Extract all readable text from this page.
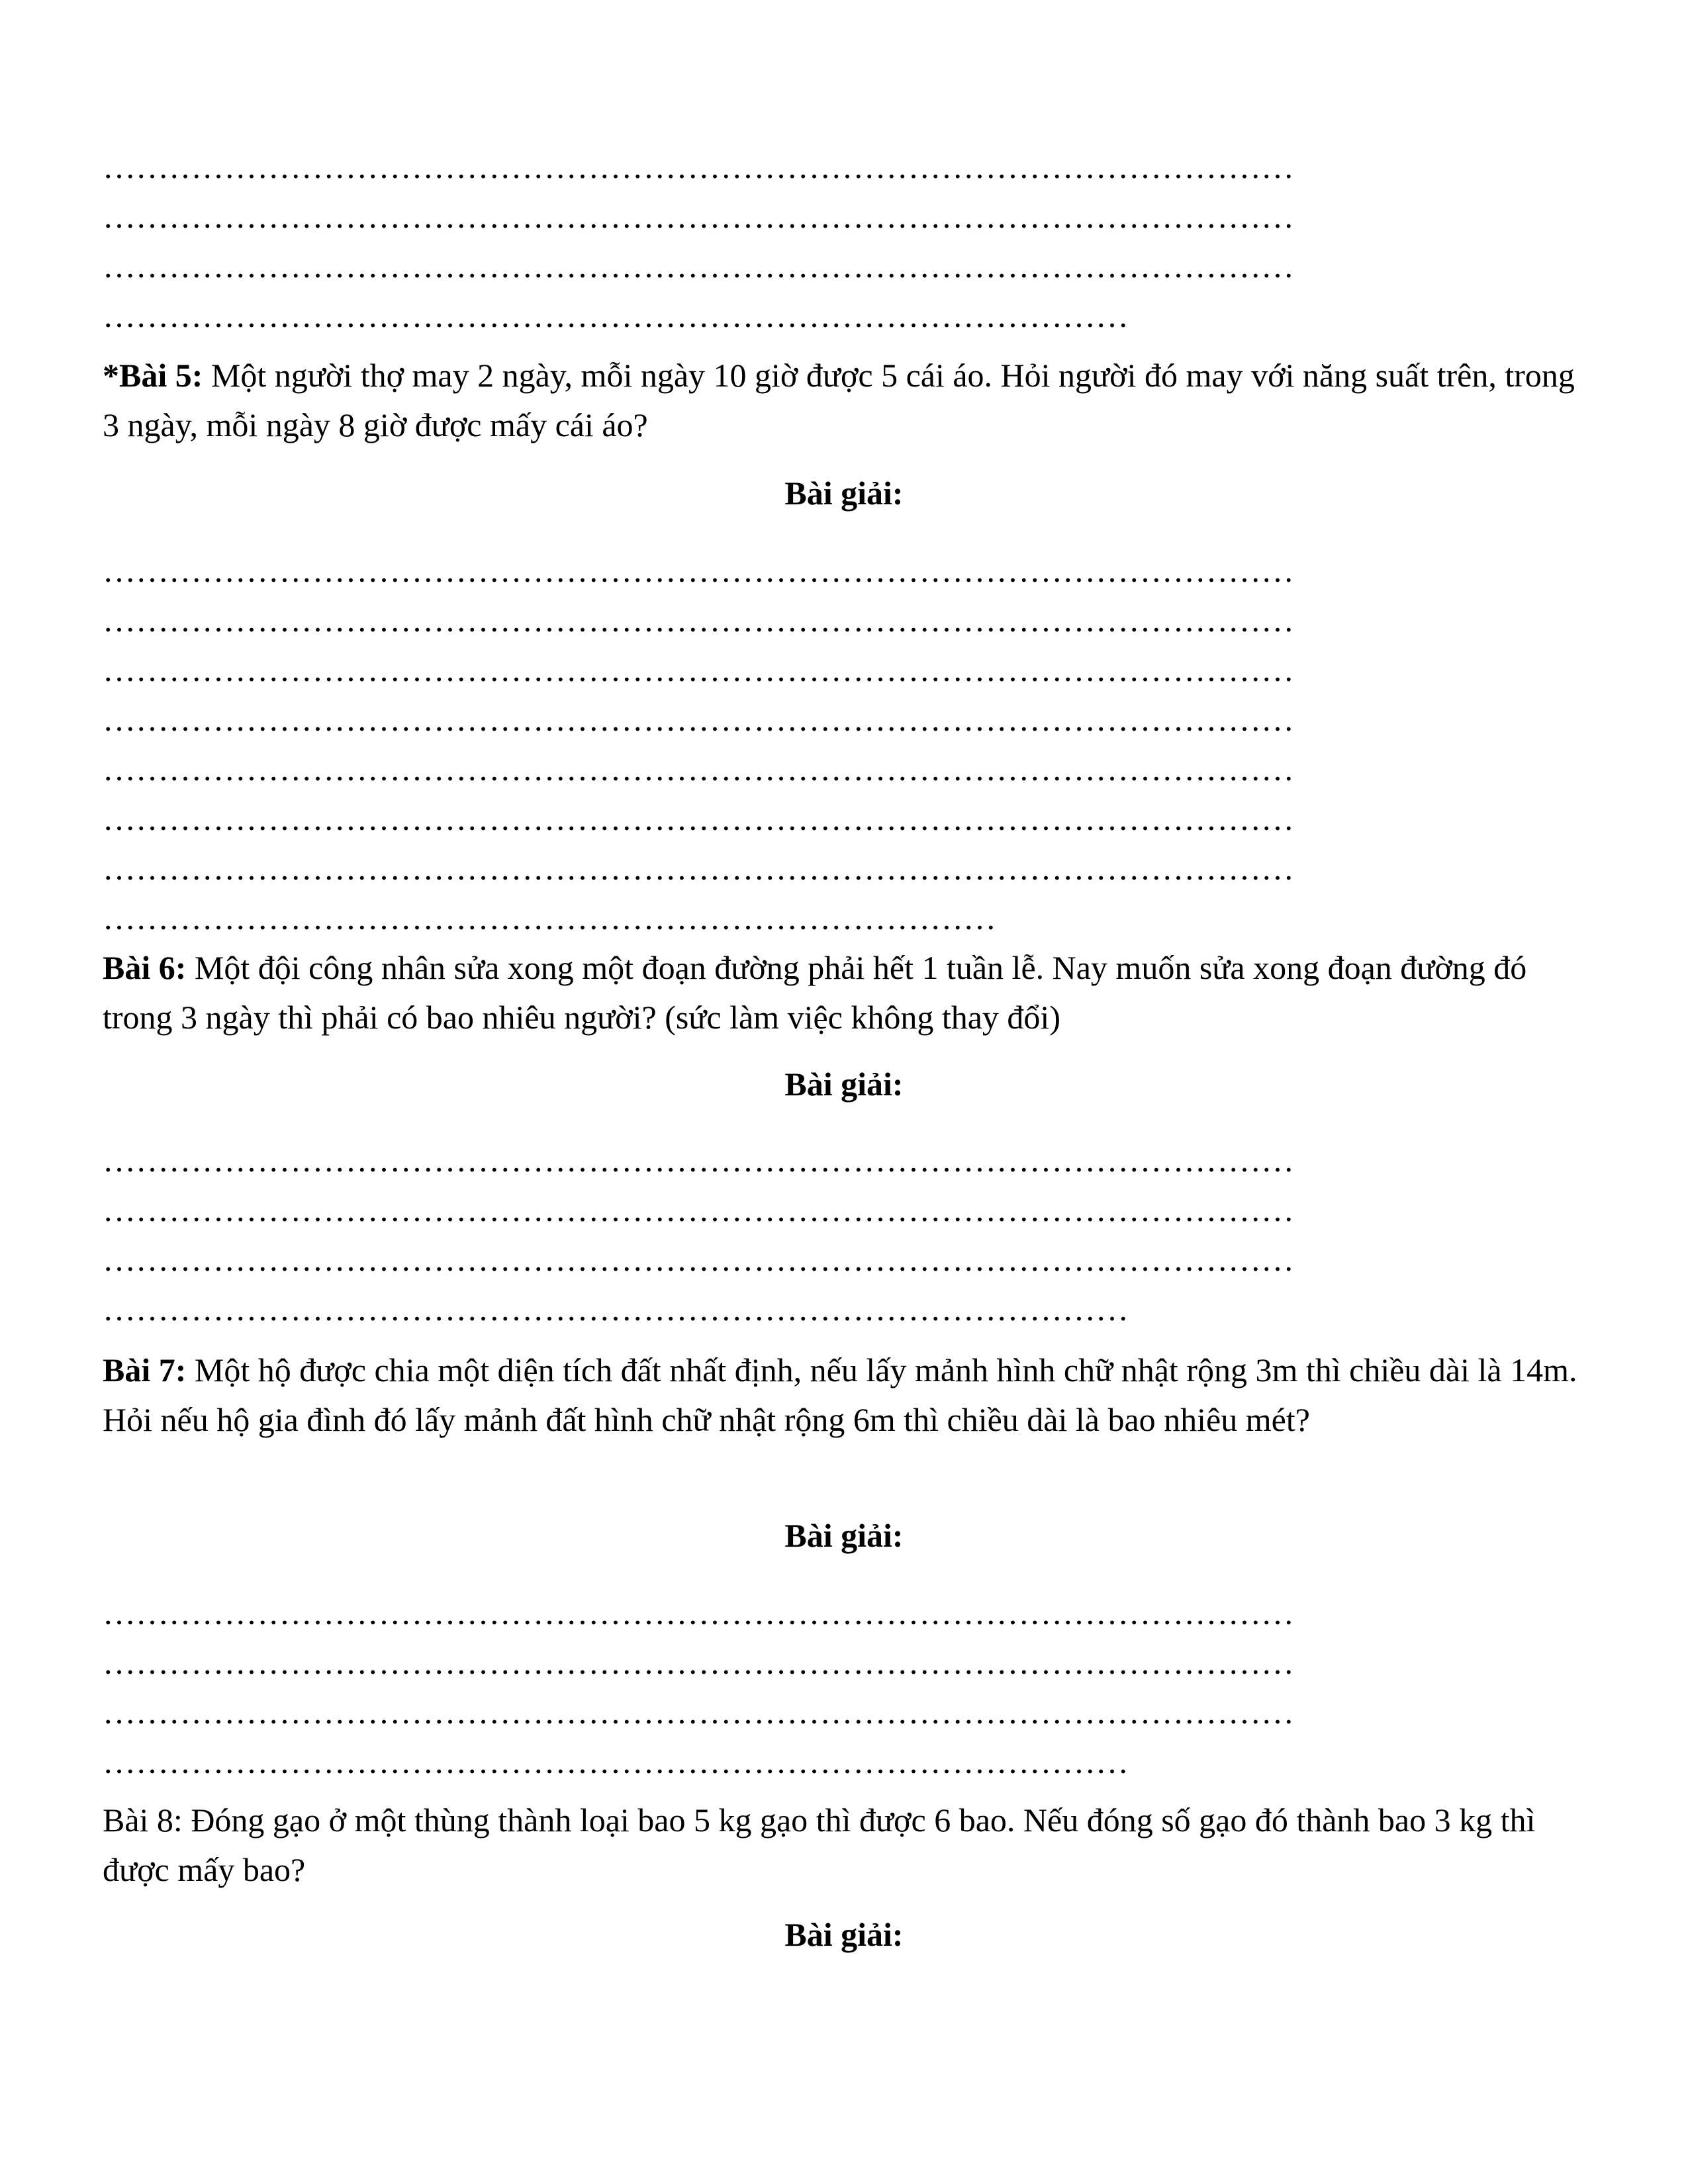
………………………………………………………………………………………………
………………………………………………………………………………………………
………………………………………………………………………………………………
…………………………………………………………………………………
*Bài 5: Một người thợ may 2 ngày, mỗi ngày 10 giờ được 5 cái áo. Hỏi người đó may với năng suất trên, trong 3 ngày, mỗi ngày 8 giờ được mấy cái áo?
Bài giải:
………………………………………………………………………………………………
………………………………………………………………………………………………
………………………………………………………………………………………………
………………………………………………………………………………………………
………………………………………………………………………………………………
………………………………………………………………………………………………
………………………………………………………………………………………………
………………………………………………………………………
Bài 6: Một đội công nhân sửa xong một đoạn đường phải hết 1 tuần lễ. Nay muốn sửa xong đoạn đường đó trong 3 ngày thì phải có bao nhiêu người? (sức làm việc không thay đổi)
Bài giải:
………………………………………………………………………………………………
………………………………………………………………………………………………
………………………………………………………………………………………………
…………………………………………………………………………………
Bài 7: Một hộ được chia một diện tích đất nhất định, nếu lấy mảnh hình chữ nhật rộng 3m thì chiều dài là 14m. Hỏi nếu hộ gia đình đó lấy mảnh đất hình chữ nhật rộng 6m thì chiều dài là bao nhiêu mét?
Bài giải:
………………………………………………………………………………………………
………………………………………………………………………………………………
………………………………………………………………………………………………
…………………………………………………………………………………
Bài 8: Đóng gạo ở một thùng thành loại bao 5 kg gạo thì được 6 bao. Nếu đóng số gạo đó thành bao 3 kg thì được mấy bao?
Bài giải:
